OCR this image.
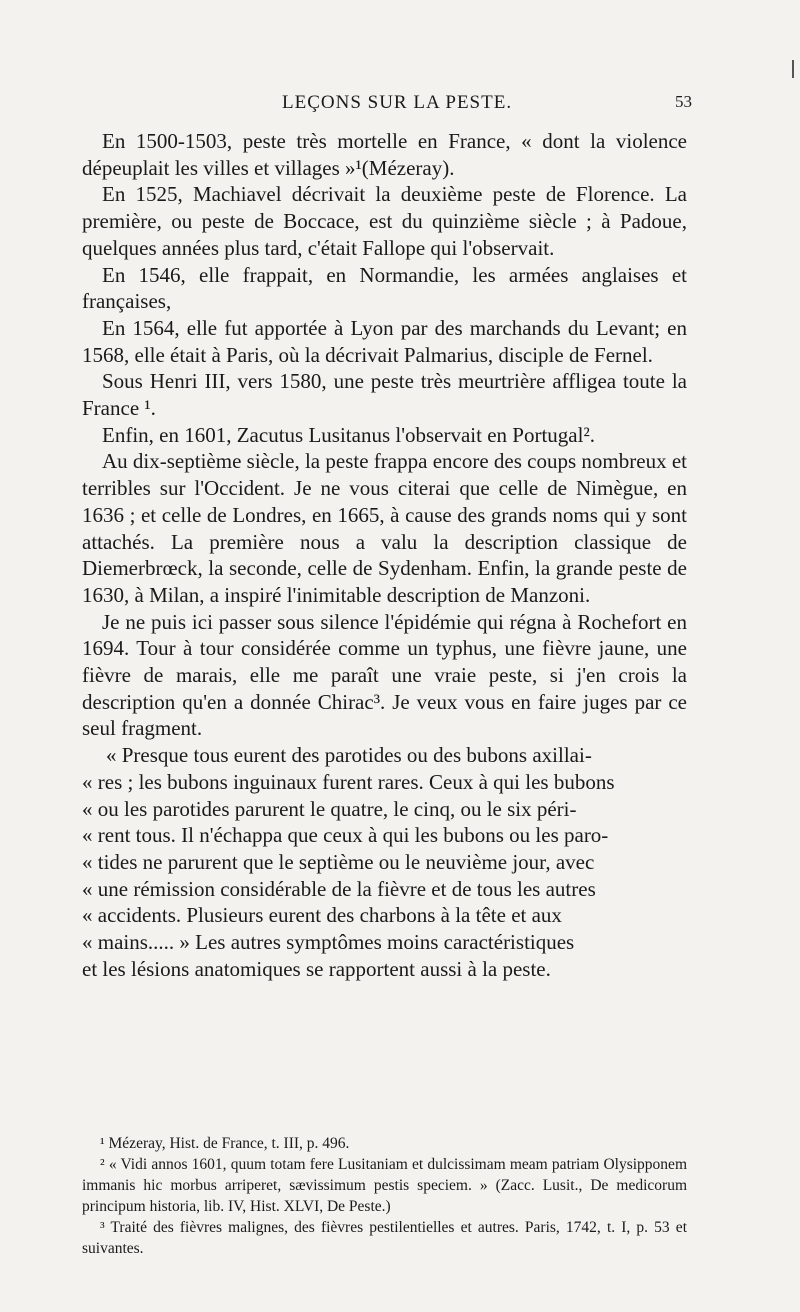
LEÇONS SUR LA PESTE.	53

En 1500-1503, peste très mortelle en France, « dont la violence dépeuplait les villes et villages »¹(Mézeray).

En 1525, Machiavel décrivait la deuxième peste de Florence. La première, ou peste de Boccace, est du quinzième siècle ; à Padoue, quelques années plus tard, c'était Fallope qui l'observait.

En 1546, elle frappait, en Normandie, les armées anglaises et françaises,

En 1564, elle fut apportée à Lyon par des marchands du Levant; en 1568, elle était à Paris, où la décrivait Palmarius, disciple de Fernel.

Sous Henri III, vers 1580, une peste très meurtrière affligea toute la France ¹.

Enfin, en 1601, Zacutus Lusitanus l'observait en Portugal².

Au dix-septième siècle, la peste frappa encore des coups nombreux et terribles sur l'Occident. Je ne vous citerai que celle de Nimègue, en 1636 ; et celle de Londres, en 1665, à cause des grands noms qui y sont attachés. La première nous a valu la description classique de Diemerbrœck, la seconde, celle de Sydenham. Enfin, la grande peste de 1630, à Milan, a inspiré l'inimitable description de Manzoni.

Je ne puis ici passer sous silence l'épidémie qui régna à Rochefort en 1694. Tour à tour considérée comme un typhus, une fièvre jaune, une fièvre de marais, elle me paraît une vraie peste, si j'en crois la description qu'en a donnée Chirac³. Je veux vous en faire juges par ce seul fragment.

« Presque tous eurent des parotides ou des bubons axillai-

« res ; les bubons inguinaux furent rares. Ceux à qui les bubons

« ou les parotides parurent le quatre, le cinq, ou le six péri-

« rent tous. Il n'échappa que ceux à qui les bubons ou les paro-

« tides ne parurent que le septième ou le neuvième jour, avec

« une rémission considérable de la fièvre et de tous les autres

« accidents. Plusieurs eurent des charbons à la tête et aux

« mains..... » Les autres symptômes moins caractéristiques

et les lésions anatomiques se rapportent aussi à la peste.

¹ Mézeray, Hist. de France, t. III, p. 496.

² « Vidi annos 1601, quum totam fere Lusitaniam et dulcissimam meam patriam Olysipponem immanis hic morbus arriperet, sævissimum pestis speciem. » (Zacc. Lusit., De medicorum principum historia, lib. IV, Hist. XLVI, De Peste.)

³ Traité des fièvres malignes, des fièvres pestilentielles et autres. Paris, 1742, t. I, p. 53 et suivantes.
